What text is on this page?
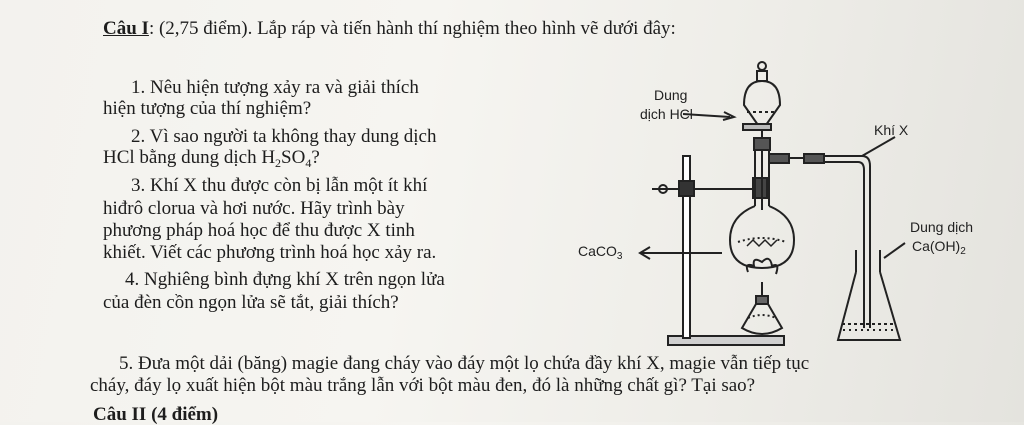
Câu I: (2,75 điểm). Lắp ráp và tiến hành thí nghiệm theo hình vẽ dưới đây:
1. Nêu hiện tượng xảy ra và giải thích
hiện tượng của thí nghiệm?
2. Vì sao người ta không thay dung dịch
HCl bằng dung dịch $H_2SO_4$?
3. Khí X thu được còn bị lẫn một ít khí
hiđrô clorua và hơi nước. Hãy trình bày
phương pháp hoá học để thu được X tinh
khiết. Viết các phương trình hoá học xảy ra.
4. Nghiêng bình đựng khí X trên ngọn lửa
của đèn cồn ngọn lửa sẽ tắt, giải thích?
5. Đưa một dải (băng) magie đang cháy vào đáy một lọ chứa đầy khí X, magie vẫn tiếp tục
cháy, đáy lọ xuất hiện bột màu trắng lẫn với bột màu đen, đó là những chất gì? Tại sao?
Câu II (4 điểm)
Dung
dịch HCl
Khí X
CaCO$_3$
Dung dịch
$Ca(OH)_2$
